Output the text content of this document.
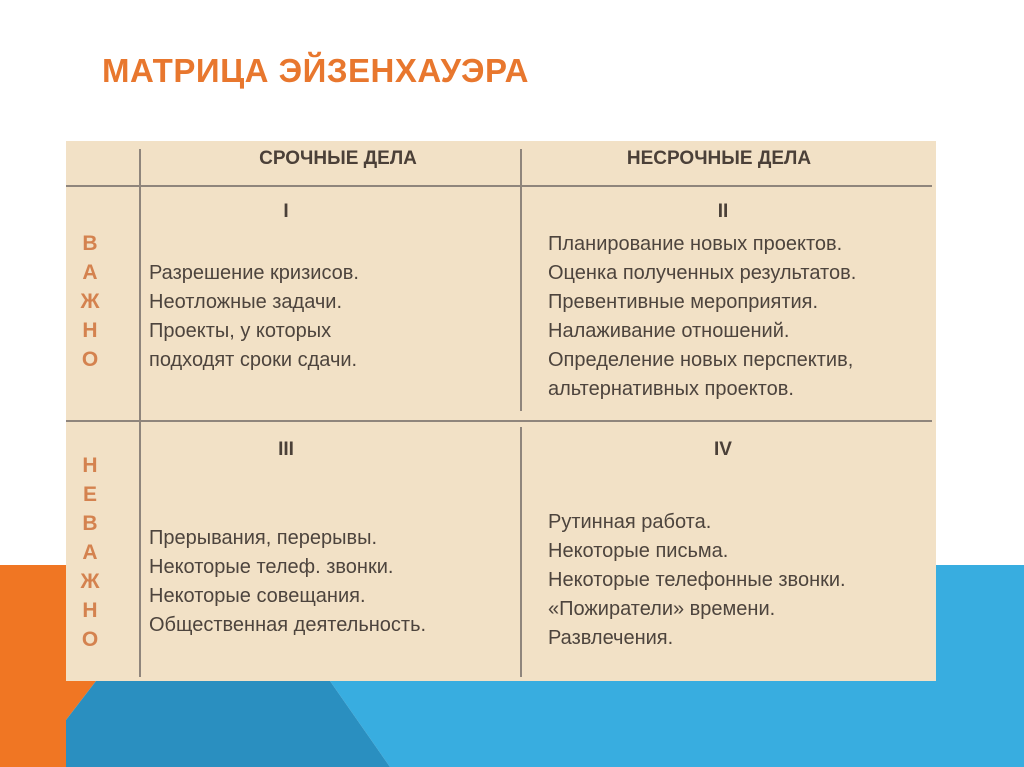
МАТРИЦА ЭЙЗЕНХАУЭРА
СРОЧНЫЕ ДЕЛА	НЕСРОЧНЫЕ ДЕЛА
В
А
Ж
Н
О
Н
Е
В
А
Ж
Н
О
I
Разрешение кризисов.
Неотложные задачи.
Проекты, у которых
подходят сроки сдачи.
II
Планирование новых проектов.
Оценка полученных результатов.
Превентивные мероприятия.
Налаживание отношений.
Определение новых перспектив,
альтернативных проектов.
III
Прерывания, перерывы.
Некоторые телеф. звонки.
Некоторые совещания.
Общественная деятельность.
IV
Рутинная работа.
Некоторые письма.
Некоторые телефонные звонки.
«Пожиратели» времени.
Развлечения.
